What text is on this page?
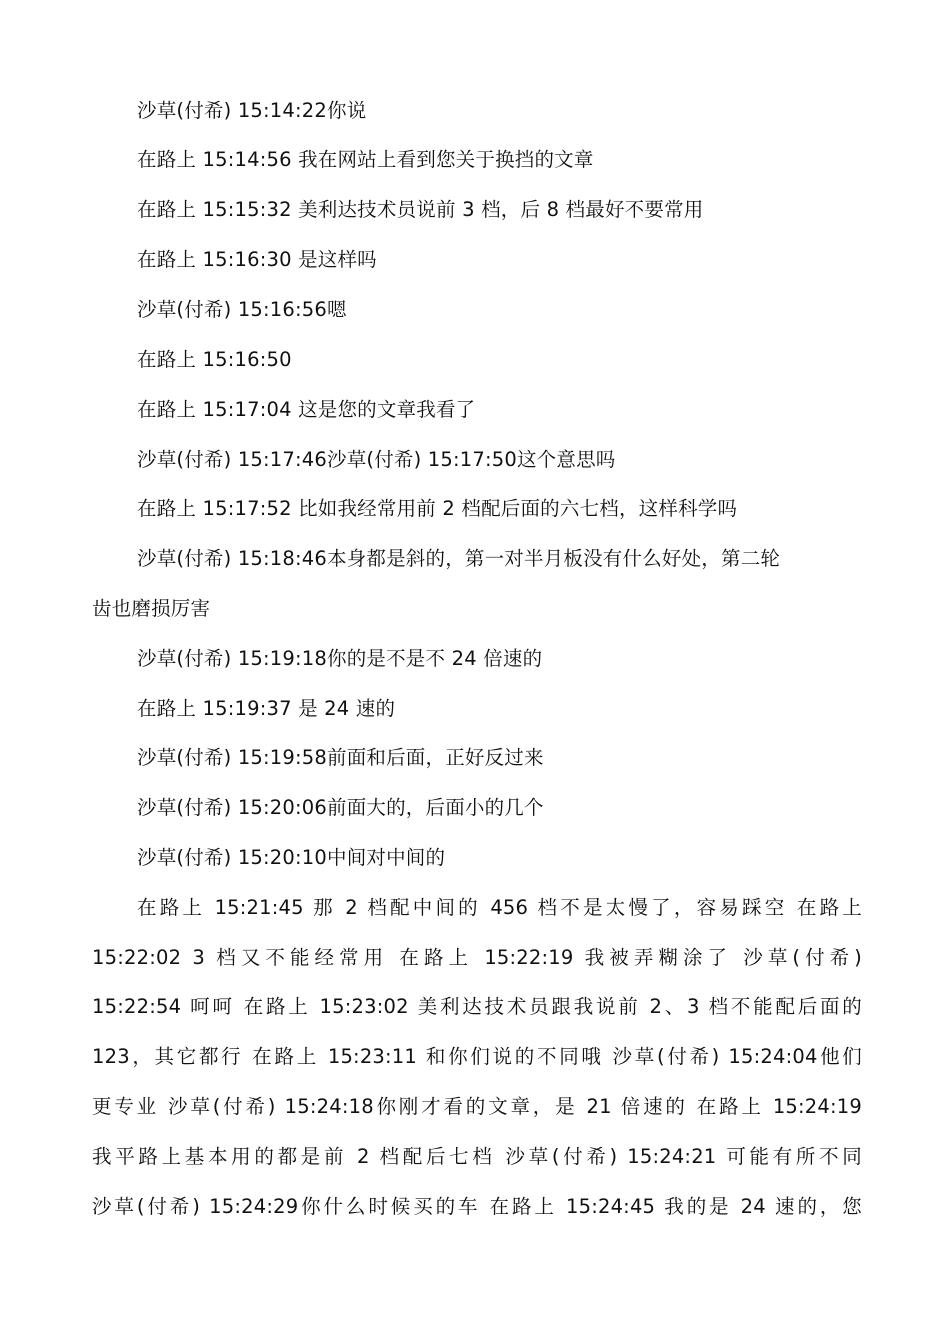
沙草(付希) 15:14:22你说
在路上 15:14:56 我在网站上看到您关于换挡的文章
在路上 15:15:32 美利达技术员说前 3 档，后 8 档最好不要常用
在路上 15:16:30 是这样吗
沙草(付希) 15:16:56嗯
在路上 15:16:50
在路上 15:17:04 这是您的文章我看了
沙草(付希) 15:17:46沙草(付希) 15:17:50这个意思吗
在路上 15:17:52 比如我经常用前 2 档配后面的六七档，这样科学吗
沙草(付希) 15:18:46本身都是斜的，第一对半月板没有什么好处，第二轮
齿也磨损厉害
沙草(付希) 15:19:18你的是不是不 24 倍速的
在路上 15:19:37 是 24 速的
沙草(付希) 15:19:58前面和后面，正好反过来
沙草(付希) 15:20:06前面大的，后面小的几个
沙草(付希) 15:20:10中间对中间的
在路上 15:21:45 那 2 档配中间的 456 档不是太慢了，容易踩空 在路上
15:22:02 3 档又不能经常用 在路上 15:22:19 我被弄糊涂了 沙草(付希)
15:22:54 呵呵 在路上 15:23:02 美利达技术员跟我说前 2、3 档不能配后面的
123，其它都行 在路上 15:23:11 和你们说的不同哦 沙草(付希) 15:24:04他们
更专业 沙草(付希) 15:24:18你刚才看的文章，是 21 倍速的 在路上 15:24:19
我平路上基本用的都是前 2 档配后七档 沙草(付希) 15:24:21 可能有所不同
沙草(付希) 15:24:29你什么时候买的车 在路上 15:24:45 我的是 24 速的，您
